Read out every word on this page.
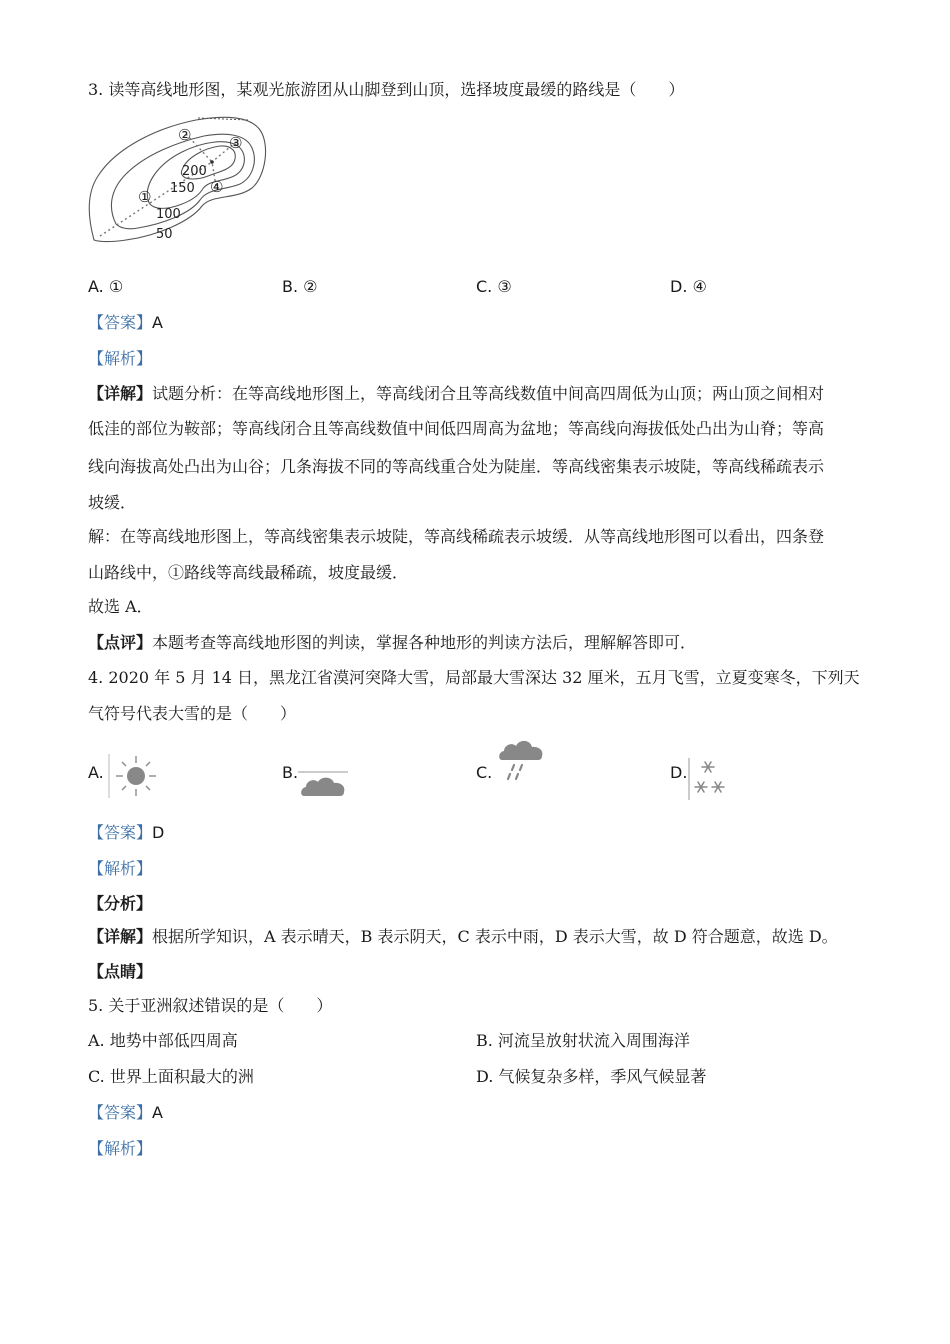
3. 读等高线地形图，某观光旅游团从山脚登到山顶，选择坡度最缓的路线是（　　）
200
150
100
50
①
②	③
④
A. ①	B. ②	C. ③	D. ④
【答案】A
【解析】
【详解】试题分析：在等高线地形图上，等高线闭合且等高线数值中间高四周低为山顶；两山顶之间相对
低洼的部位为鞍部；等高线闭合且等高线数值中间低四周高为盆地；等高线向海拔低处凸出为山脊；等高
线向海拔高处凸出为山谷；几条海拔不同的等高线重合处为陡崖．等高线密集表示坡陡，等高线稀疏表示
坡缓．
解：在等高线地形图上，等高线密集表示坡陡，等高线稀疏表示坡缓．从等高线地形图可以看出，四条登
山路线中，①路线等高线最稀疏，坡度最缓．
故选 A．
【点评】本题考查等高线地形图的判读，掌握各种地形的判读方法后，理解解答即可．
4. 2020 年 5 月 14 日，黑龙江省漠河突降大雪，局部最大雪深达 32 厘米，五月飞雪，立夏变寒冬，下列天
气符号代表大雪的是（　　）
A.	B.	C.	D.
【答案】D
【解析】
【分析】
【详解】根据所学知识，A 表示晴天，B 表示阴天，C 表示中雨，D 表示大雪，故 D 符合题意，故选 D。
【点睛】
5. 关于亚洲叙述错误的是（　　）
A. 地势中部低四周高	B. 河流呈放射状流入周围海洋
C. 世界上面积最大的洲	D. 气候复杂多样，季风气候显著
【答案】A
【解析】
